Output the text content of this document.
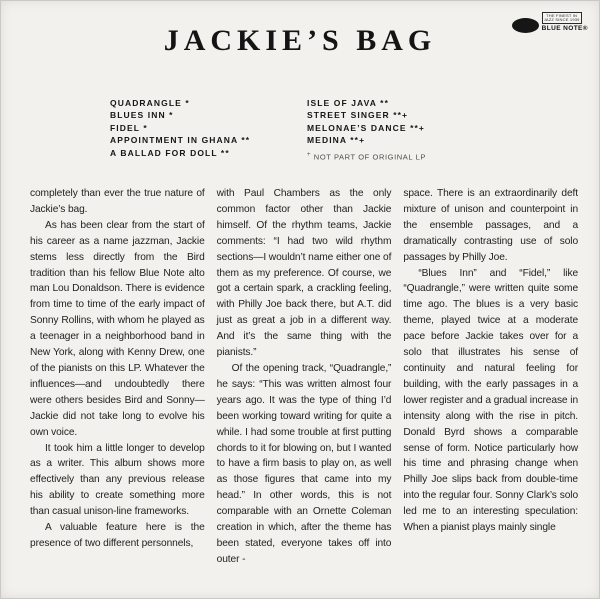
JACKIE’S BAG
THE FINEST IN JAZZ SINCE 1939
BLUE NOTE®
QUADRANGLE *
BLUES INN *
FIDEL *
APPOINTMENT IN GHANA **
A BALLAD FOR DOLL **
ISLE OF JAVA **
STREET SINGER **+
MELONAE’S DANCE **+
MEDINA **+
+ NOT PART OF ORIGINAL LP

completely than ever the true nature of Jackie’s bag.

As has been clear from the start of his career as a name jazzman, Jackie stems less directly from the Bird tradition than his fellow Blue Note alto man Lou Donaldson. There is evidence from time to time of the early impact of Sonny Rollins, with whom he played as a teenager in a neighborhood band in New York, along with Kenny Drew, one of the pianists on this LP. Whatever the influences—and undoubtedly there were others besides Bird and Sonny—Jackie did not take long to evolve his own voice.

It took him a little longer to develop as a writer. This album shows more effectively than any previous release his ability to create something more than casual unison-line frameworks.

A valuable feature here is the presence of two different personnels,

with Paul Chambers as the only common factor other than Jackie himself. Of the rhythm teams, Jackie comments: “I had two wild rhythm sections—I wouldn’t name either one of them as my preference. Of course, we got a certain spark, a crackling feeling, with Philly Joe back there, but A.T. did just as great a job in a different way. And it’s the same thing with the pianists.”

Of the opening track, “Quadrangle,” he says: “This was written almost four years ago. It was the type of thing I’d been working toward writing for quite a while. I had some trouble at first putting chords to it for blowing on, but I wanted to have a firm basis to play on, as well as those figures that came into my head.” In other words, this is not comparable with an Ornette Coleman creation in which, after the theme has been stated, everyone takes off into outer -

space. There is an extraordinarily deft mixture of unison and counterpoint in the ensemble passages, and a dramatically contrasting use of solo passages by Philly Joe.

“Blues Inn” and “Fidel,” like “Quadrangle,” were written quite some time ago. The blues is a very basic theme, played twice at a moderate pace before Jackie takes over for a solo that illustrates his sense of continuity and natural feeling for building, with the early passages in a lower register and a gradual increase in intensity along with the rise in pitch. Donald Byrd shows a comparable sense of form. Notice particularly how his time and phrasing change when Philly Joe slips back from double-time into the regular four. Sonny Clark’s solo led me to an interesting speculation: When a pianist plays mainly single
